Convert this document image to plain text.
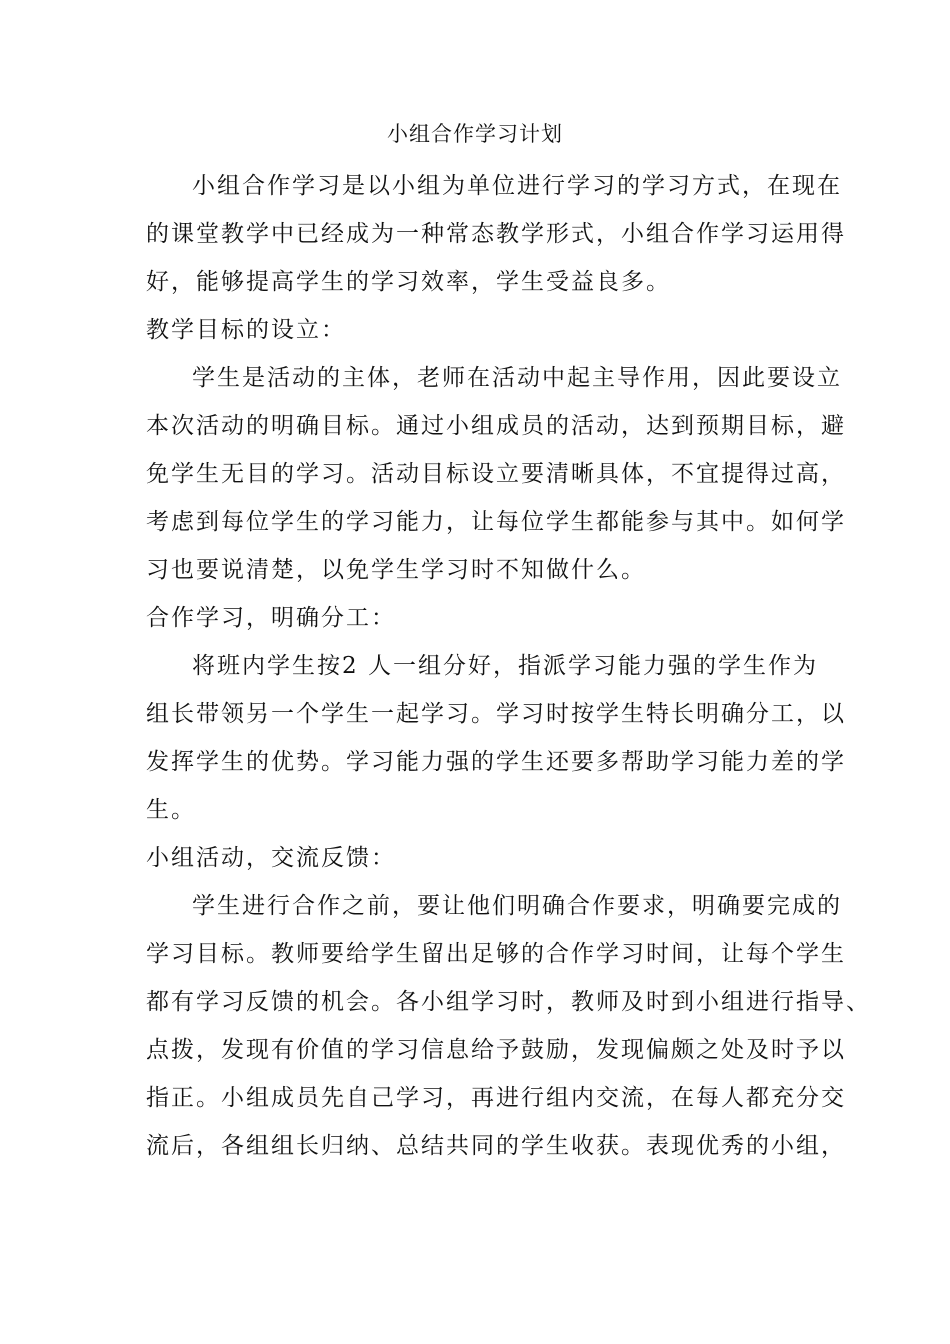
小组合作学习计划
小组合作学习是以小组为单位进行学习的学习方式，在现在
的课堂教学中已经成为一种常态教学形式，小组合作学习运用得
好，能够提高学生的学习效率，学生受益良多。
教学目标的设立：
学生是活动的主体，老师在活动中起主导作用，因此要设立
本次活动的明确目标。通过小组成员的活动，达到预期目标，避
免学生无目的学习。活动目标设立要清晰具体，不宜提得过高，
考虑到每位学生的学习能力，让每位学生都能参与其中。如何学
习也要说清楚，以免学生学习时不知做什么。
合作学习，明确分工：
将班内学生按2 人一组分好，指派学习能力强的学生作为
组长带领另一个学生一起学习。学习时按学生特长明确分工，以
发挥学生的优势。学习能力强的学生还要多帮助学习能力差的学
生。
小组活动，交流反馈：
学生进行合作之前，要让他们明确合作要求，明确要完成的
学习目标。教师要给学生留出足够的合作学习时间，让每个学生
都有学习反馈的机会。各小组学习时，教师及时到小组进行指导、
点拨，发现有价值的学习信息给予鼓励，发现偏颇之处及时予以
指正。小组成员先自己学习，再进行组内交流，在每人都充分交
流后，各组组长归纳、总结共同的学生收获。表现优秀的小组，
